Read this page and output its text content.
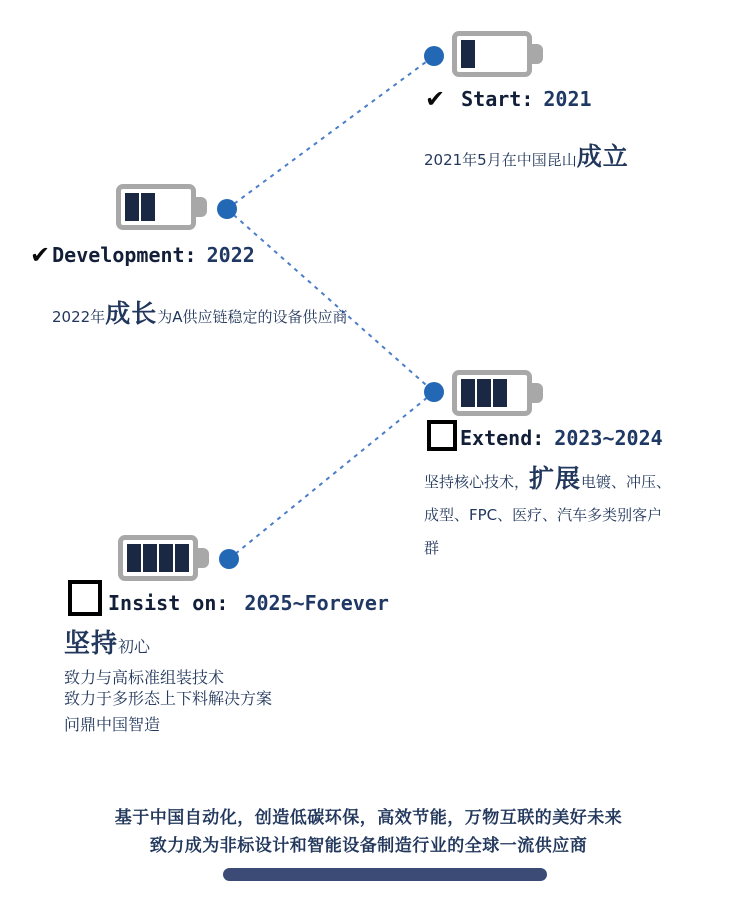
✔ Start: 2021
2021年5月在中国昆山成立
✔ Development: 2022
2022年成长为A供应链稳定的设备供应商
Extend: 2023~2024
坚持核心技术，扩展电镀、冲压、成型、FPC、医疗、汽车多类别客户群
Insist on: 2025~Forever
坚持初心

致力与高标准组装技术

致力于多形态上下料解决方案

问鼎中国智造

基于中国自动化，创造低碳环保，高效节能，万物互联的美好未来
致力成为非标设计和智能设备制造行业的全球一流供应商
